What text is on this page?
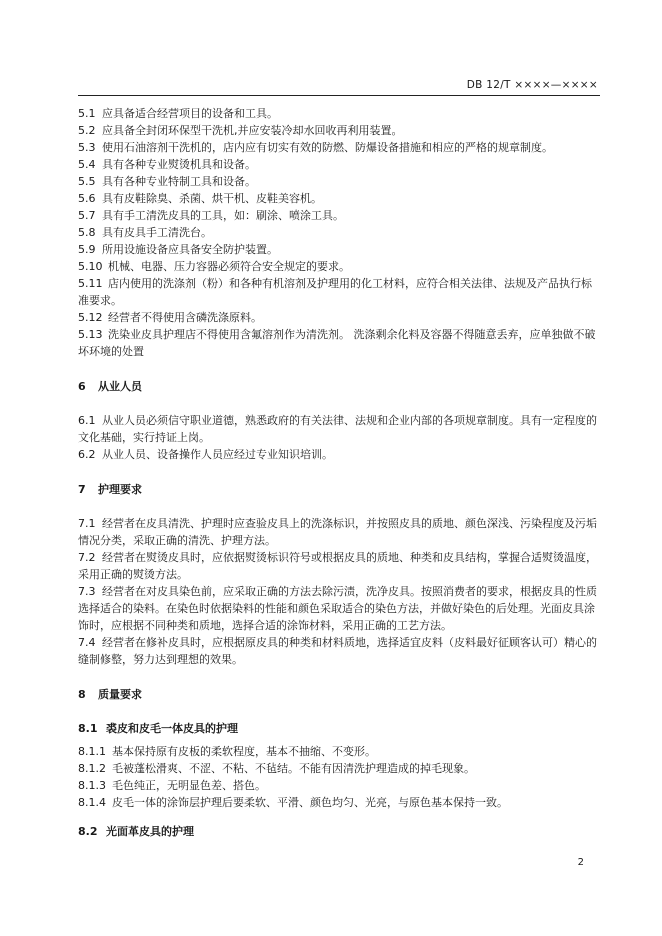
DB 12/T ××××—××××

5.1 应具备适合经营项目的设备和工具。

5.2 应具备全封闭环保型干洗机,并应安装冷却水回收再利用装置。

5.3 使用石油溶剂干洗机的，店内应有切实有效的防燃、防爆设备措施和相应的严格的规章制度。

5.4 具有各种专业熨烫机具和设备。

5.5 具有各种专业特制工具和设备。

5.6 具有皮鞋除臭、杀菌、烘干机、皮鞋美容机。

5.7 具有手工清洗皮具的工具，如：刷涂、喷涂工具。

5.8 具有皮具手工清洗台。

5.9 所用设施设备应具备安全防护装置。

5.10 机械、电器、压力容器必须符合安全规定的要求。

5.11 店内使用的洗涤剂（粉）和各种有机溶剂及护理用的化工材料，应符合相关法律、法规及产品执行标准要求。

5.12 经营者不得使用含磷洗涤原料。

5.13 洗染业皮具护理店不得使用含氟溶剂作为清洗剂。 洗涤剩余化料及容器不得随意丢弃，应单独做不破坏环境的处置

6 从业人员

6.1 从业人员必须信守职业道德，熟悉政府的有关法律、法规和企业内部的各项规章制度。具有一定程度的文化基础，实行持证上岗。

6.2 从业人员、设备操作人员应经过专业知识培训。

7 护理要求

7.1 经营者在皮具清洗、护理时应查验皮具上的洗涤标识，并按照皮具的质地、颜色深浅、污染程度及污垢情况分类，采取正确的清洗、护理方法。

7.2 经营者在熨烫皮具时，应依据熨烫标识符号或根据皮具的质地、种类和皮具结构，掌握合适熨烫温度，采用正确的熨烫方法。

7.3 经营者在对皮具染色前，应采取正确的方法去除污渍，洗净皮具。按照消费者的要求，根据皮具的性质选择适合的染料。在染色时依据染料的性能和颜色采取适合的染色方法，并做好染色的后处理。光面皮具涂饰时，应根据不同种类和质地，选择合适的涂饰材料，采用正确的工艺方法。

7.4 经营者在修补皮具时，应根据原皮具的种类和材料质地，选择适宜皮料（皮料最好征顾客认可）精心的缝制修整，努力达到理想的效果。

8 质量要求

8.1 裘皮和皮毛一体皮具的护理

8.1.1 基本保持原有皮板的柔软程度，基本不抽缩、不变形。

8.1.2 毛被蓬松滑爽、不涩、不粘、不毡结。不能有因清洗护理造成的掉毛现象。

8.1.3 毛色纯正，无明显色差、搭色。

8.1.4 皮毛一体的涂饰层护理后要柔软、平滑、颜色均匀、光亮，与原色基本保持一致。

8.2 光面革皮具的护理

2
